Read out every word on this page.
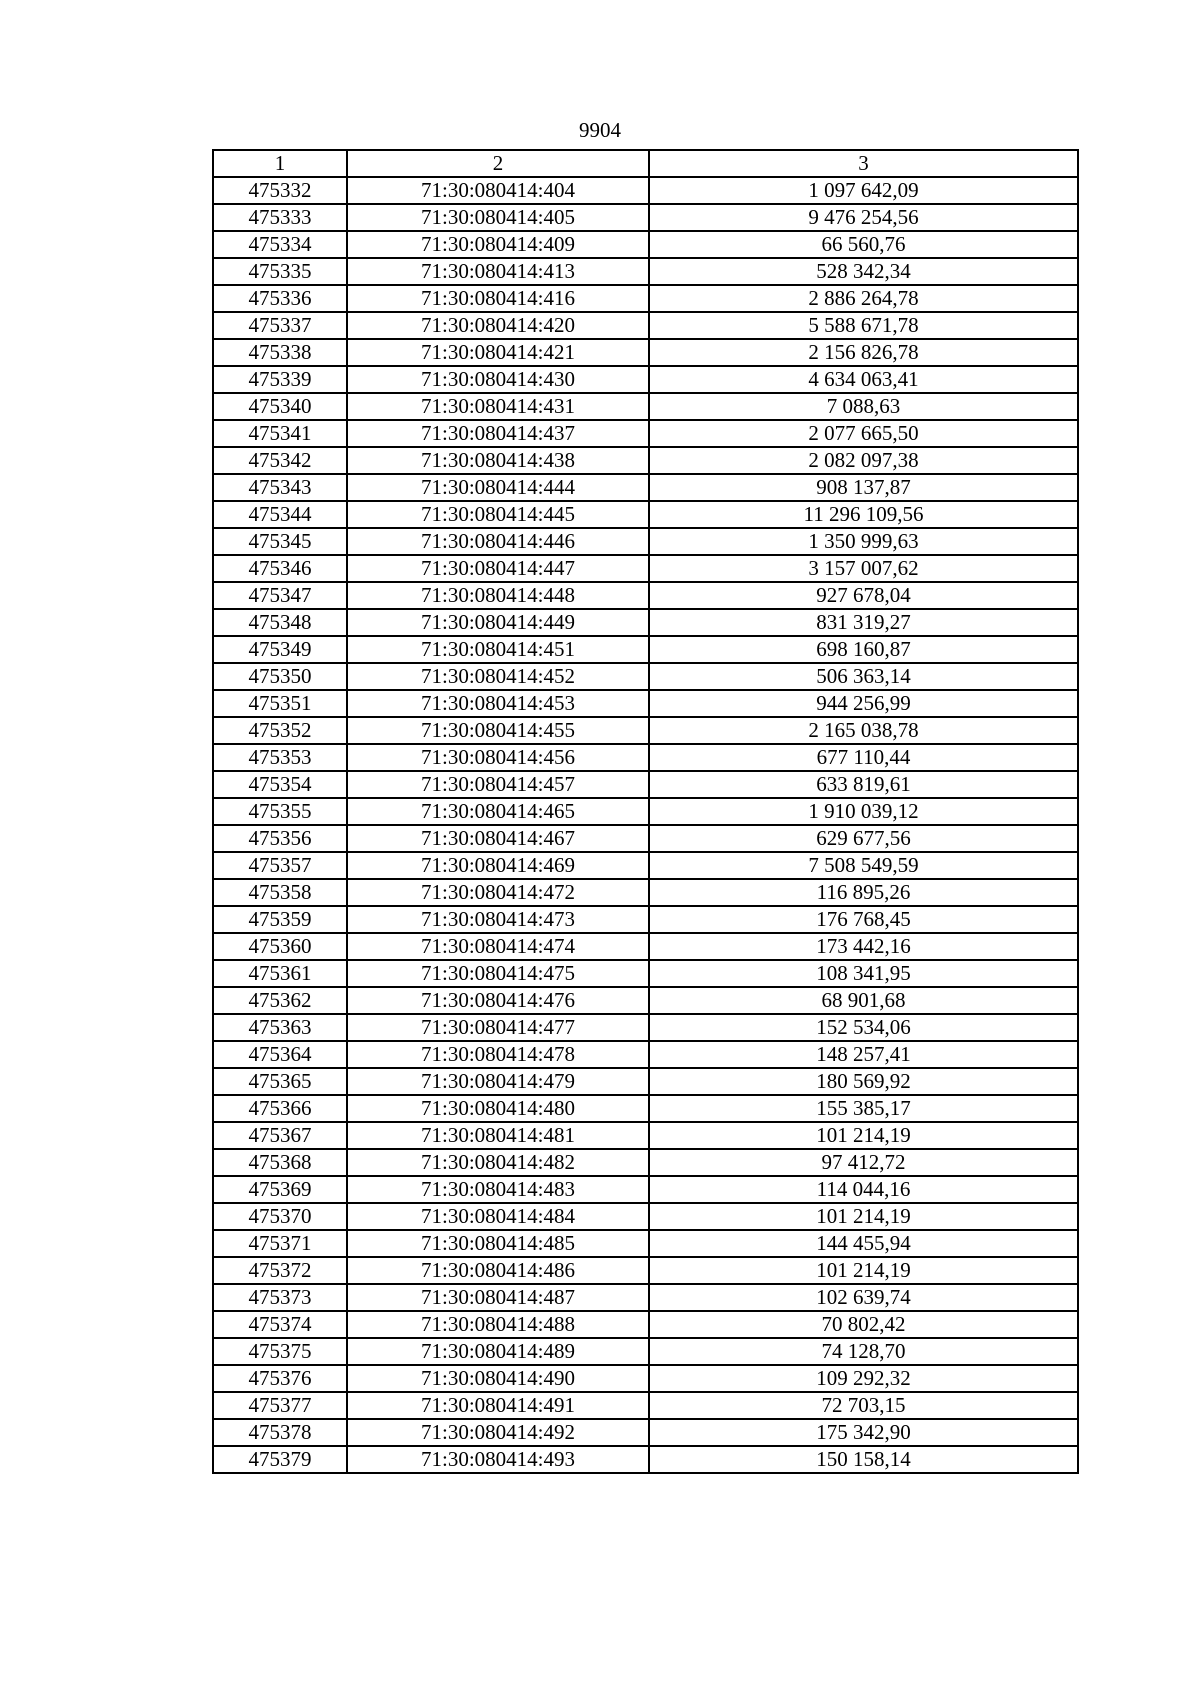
9904
1	2	3
475332	71:30:080414:404	1 097 642,09
475333	71:30:080414:405	9 476 254,56
475334	71:30:080414:409	66 560,76
475335	71:30:080414:413	528 342,34
475336	71:30:080414:416	2 886 264,78
475337	71:30:080414:420	5 588 671,78
475338	71:30:080414:421	2 156 826,78
475339	71:30:080414:430	4 634 063,41
475340	71:30:080414:431	7 088,63
475341	71:30:080414:437	2 077 665,50
475342	71:30:080414:438	2 082 097,38
475343	71:30:080414:444	908 137,87
475344	71:30:080414:445	11 296 109,56
475345	71:30:080414:446	1 350 999,63
475346	71:30:080414:447	3 157 007,62
475347	71:30:080414:448	927 678,04
475348	71:30:080414:449	831 319,27
475349	71:30:080414:451	698 160,87
475350	71:30:080414:452	506 363,14
475351	71:30:080414:453	944 256,99
475352	71:30:080414:455	2 165 038,78
475353	71:30:080414:456	677 110,44
475354	71:30:080414:457	633 819,61
475355	71:30:080414:465	1 910 039,12
475356	71:30:080414:467	629 677,56
475357	71:30:080414:469	7 508 549,59
475358	71:30:080414:472	116 895,26
475359	71:30:080414:473	176 768,45
475360	71:30:080414:474	173 442,16
475361	71:30:080414:475	108 341,95
475362	71:30:080414:476	68 901,68
475363	71:30:080414:477	152 534,06
475364	71:30:080414:478	148 257,41
475365	71:30:080414:479	180 569,92
475366	71:30:080414:480	155 385,17
475367	71:30:080414:481	101 214,19
475368	71:30:080414:482	97 412,72
475369	71:30:080414:483	114 044,16
475370	71:30:080414:484	101 214,19
475371	71:30:080414:485	144 455,94
475372	71:30:080414:486	101 214,19
475373	71:30:080414:487	102 639,74
475374	71:30:080414:488	70 802,42
475375	71:30:080414:489	74 128,70
475376	71:30:080414:490	109 292,32
475377	71:30:080414:491	72 703,15
475378	71:30:080414:492	175 342,90
475379	71:30:080414:493	150 158,14
